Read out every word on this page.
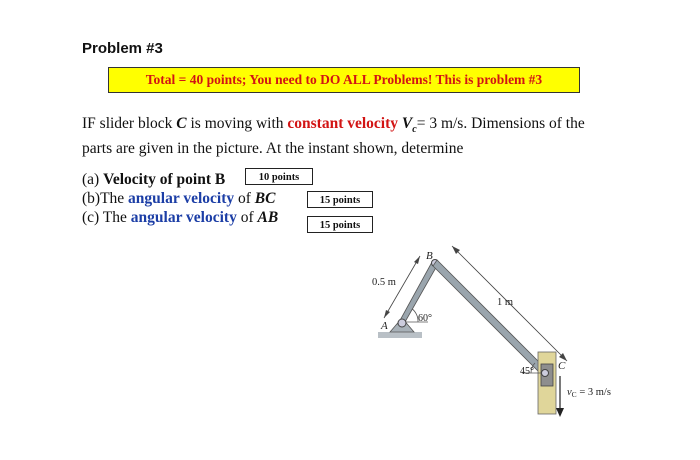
Problem #3
Total = 40 points; You need to DO ALL Problems! This is problem #3
IF slider block C is moving with constant velocity $V_c= 3$ m/s. Dimensions of the
parts are given in the picture. At the instant shown, determine
(a) Velocity of point B	10 points
(b)The angular velocity of BC	15 points
(c) The angular velocity of AB	15 points
B
A
C
0.5 m
1 m
60°
45°
vC = 3 m/s
